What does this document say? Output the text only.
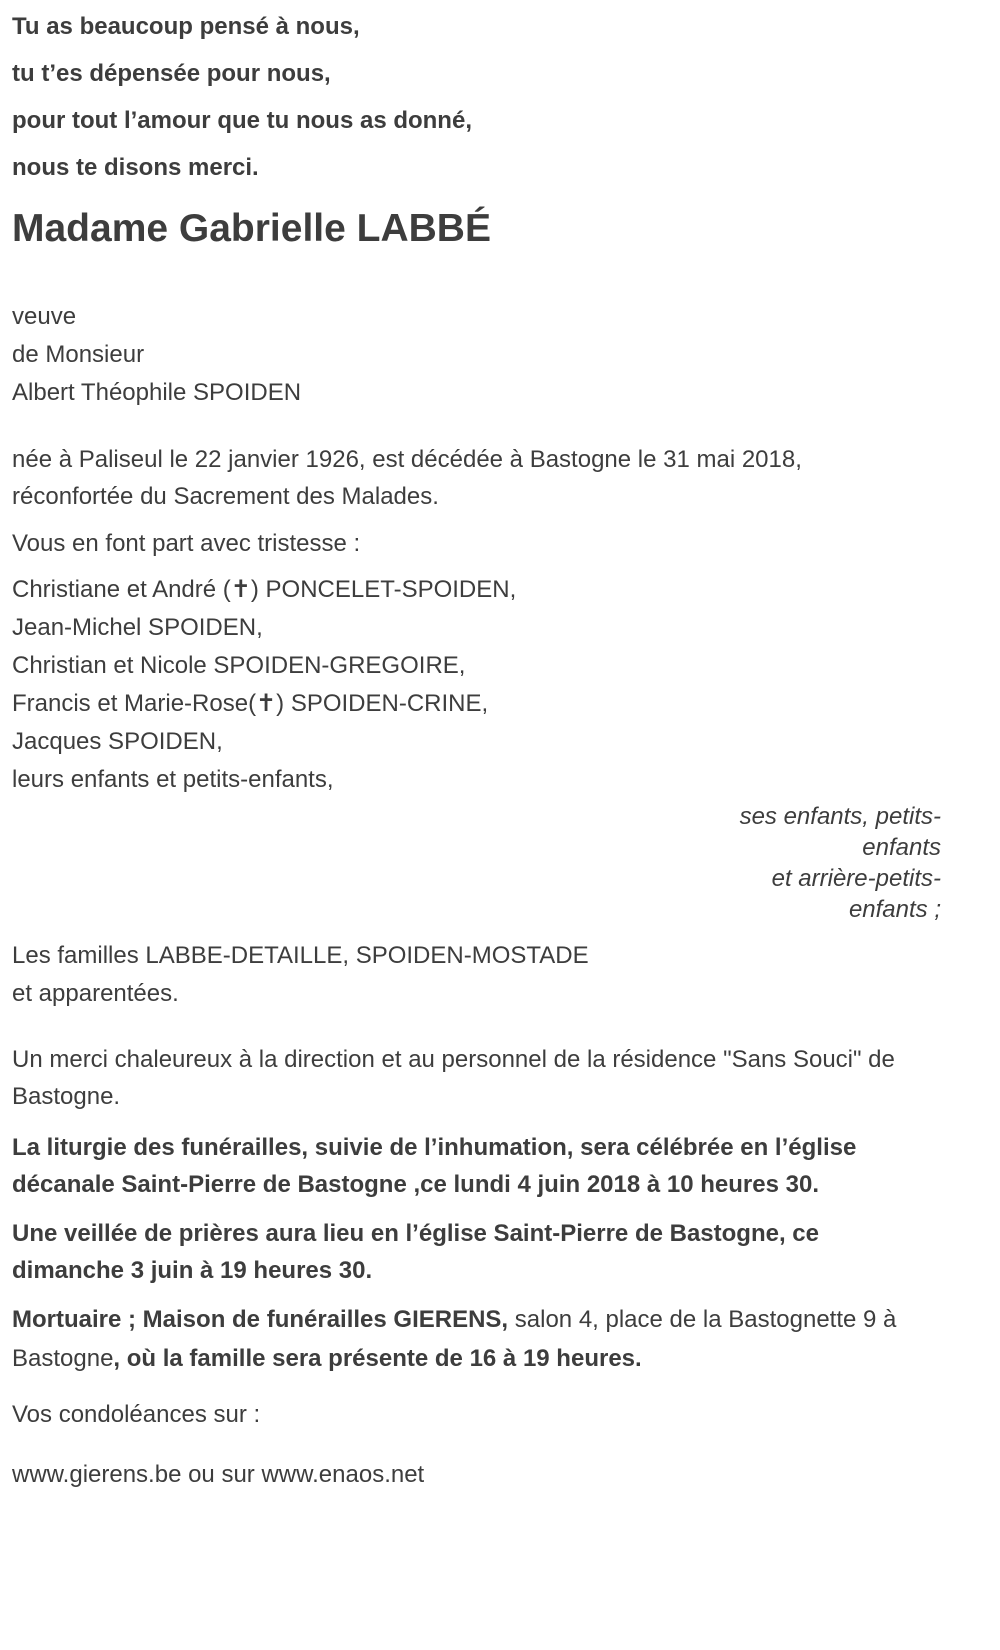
Tu as beaucoup pensé à nous,

tu t’es dépensée pour nous,

pour tout l’amour que tu nous as donné,

nous te disons merci.

Madame Gabrielle LABBÉ

veuve

de Monsieur

Albert Théophile SPOIDEN

née à Paliseul le 22 janvier 1926, est décédée à Bastogne le 31 mai 2018, réconfortée du Sacrement des Malades.

Vous en font part avec tristesse :

Christiane et André (✝) PONCELET-SPOIDEN,

Jean-Michel SPOIDEN,

Christian et Nicole SPOIDEN-GREGOIRE,

Francis et Marie-Rose(✝) SPOIDEN-CRINE,

Jacques SPOIDEN,

leurs enfants et petits-enfants,

ses enfants, petits-enfants

et arrière-petits-enfants ;

Les familles LABBE-DETAILLE, SPOIDEN-MOSTADE

et apparentées.

Un merci chaleureux à la direction et au personnel de la résidence "Sans Souci" de Bastogne.

La liturgie des funérailles, suivie de l’inhumation, sera célébrée en l’église décanale Saint-Pierre de Bastogne ,ce lundi 4 juin 2018 à 10 heures 30.

Une veillée de prières aura lieu en l’église Saint-Pierre de Bastogne, ce dimanche 3 juin à 19 heures 30.

Mortuaire ; Maison de funérailles GIERENS, salon 4, place de la Bastognette 9 à Bastogne, où la famille sera présente de 16 à 19 heures.

Vos condoléances sur :

www.gierens.be ou sur www.enaos.net
